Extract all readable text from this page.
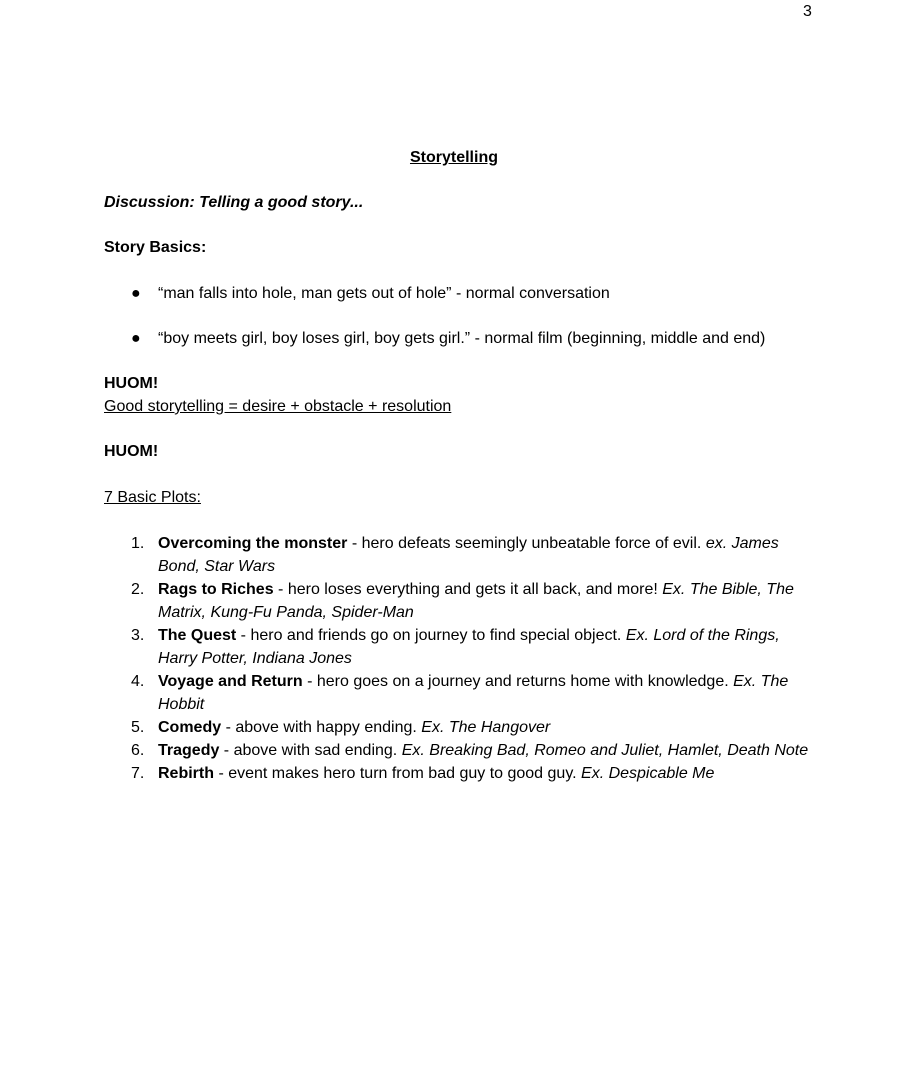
3
Storytelling
Discussion: Telling a good story...
Story Basics:
● “man falls into hole, man gets out of hole” - normal conversation
● “boy meets girl, boy loses girl, boy gets girl.” - normal film (beginning, middle and end)
HUOM!
Good storytelling = desire + obstacle + resolution
HUOM!
7 Basic Plots:
1. Overcoming the monster - hero defeats seemingly unbeatable force of evil. ex. James Bond, Star Wars
2. Rags to Riches - hero loses everything and gets it all back, and more! Ex. The Bible, The Matrix, Kung-Fu Panda, Spider-Man
3. The Quest - hero and friends go on journey to find special object. Ex. Lord of the Rings, Harry Potter, Indiana Jones
4. Voyage and Return - hero goes on a journey and returns home with knowledge. Ex. The Hobbit
5. Comedy - above with happy ending. Ex. The Hangover
6. Tragedy - above with sad ending. Ex. Breaking Bad, Romeo and Juliet, Hamlet, Death Note
7. Rebirth - event makes hero turn from bad guy to good guy. Ex. Despicable Me
